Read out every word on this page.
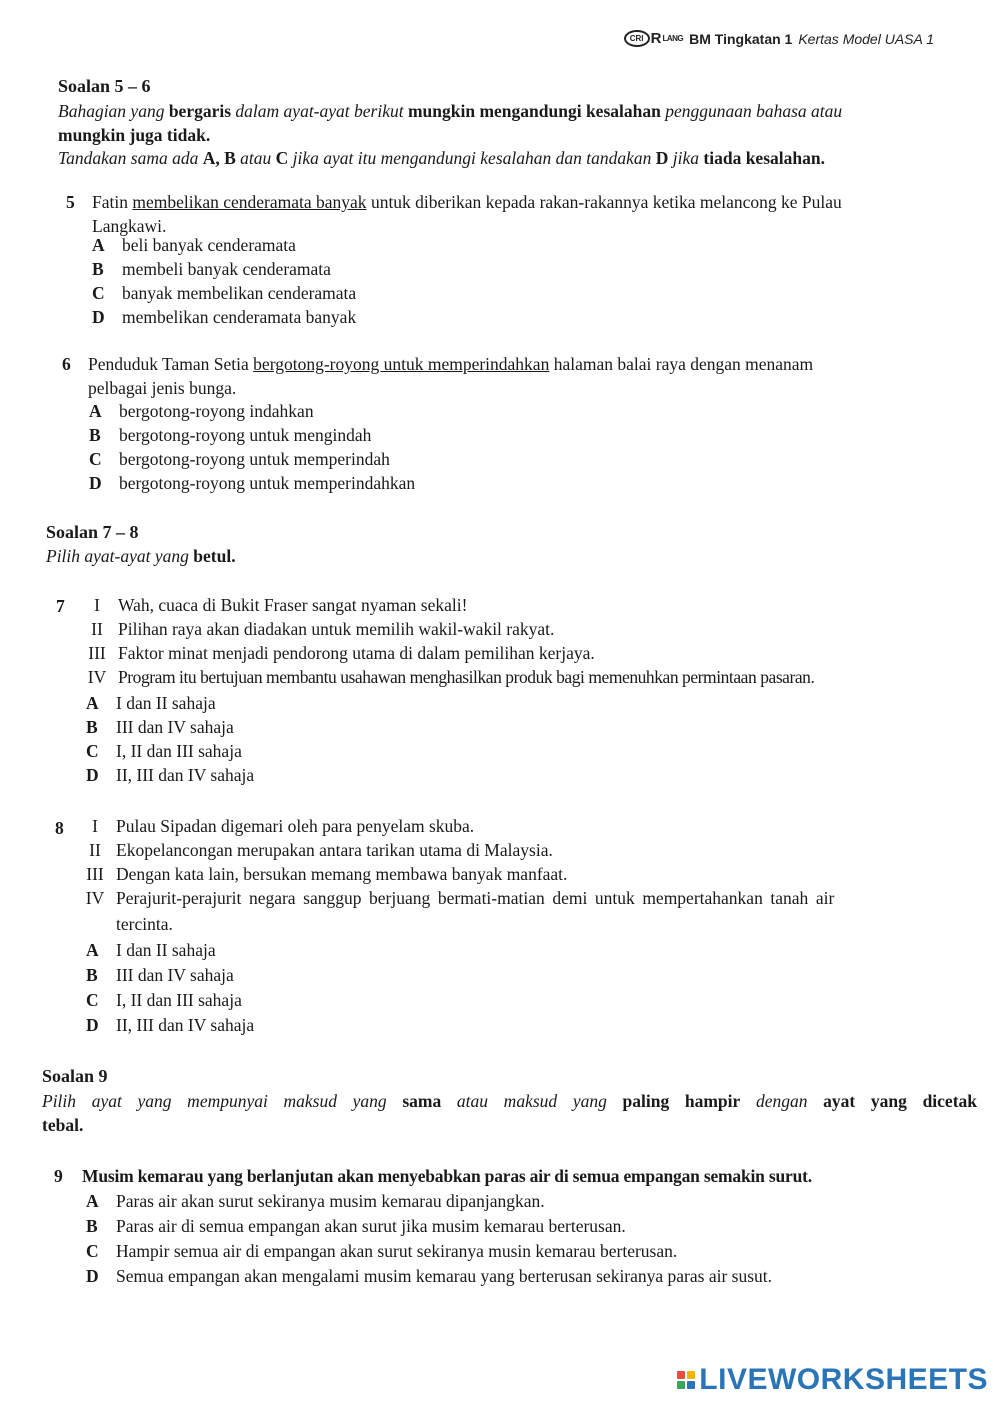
CRI R LANG BM Tingkatan 1 Kertas Model UASA 1
Soalan 5 – 6
Bahagian yang bergaris dalam ayat-ayat berikut mungkin mengandungi kesalahan penggunaan bahasa atau
mungkin juga tidak.
Tandakan sama ada A, B atau C jika ayat itu mengandungi kesalahan dan tandakan D jika tiada kesalahan.
5 Fatin membelikan cenderamata banyak untuk diberikan kepada rakan-rakannya ketika melancong ke Pulau
Langkawi.
A beli banyak cenderamata
B membeli banyak cenderamata
C banyak membelikan cenderamata
D membelikan cenderamata banyak
6 Penduduk Taman Setia bergotong-royong untuk memperindahkan halaman balai raya dengan menanam
pelbagai jenis bunga.
A bergotong-royong indahkan
B bergotong-royong untuk mengindah
C bergotong-royong untuk memperindah
D bergotong-royong untuk memperindahkan
Soalan 7 – 8
Pilih ayat-ayat yang betul.
7	I	Wah, cuaca di Bukit Fraser sangat nyaman sekali!
II Pilihan raya akan diadakan untuk memilih wakil-wakil rakyat.
III Faktor minat menjadi pendorong utama di dalam pemilihan kerjaya.
IV Program itu bertujuan membantu usahawan menghasilkan produk bagi memenuhkan permintaan pasaran.
A I dan II sahaja
B III dan IV sahaja
C I, II dan III sahaja
D II, III dan IV sahaja
8	I	Pulau Sipadan digemari oleh para penyelam skuba.
II Ekopelancongan merupakan antara tarikan utama di Malaysia.
III Dengan kata lain, bersukan memang membawa banyak manfaat.
IV Perajurit-perajurit negara sanggup berjuang bermati-matian demi untuk mempertahankan tanah air
tercinta.
A I dan II sahaja
B III dan IV sahaja
C I, II dan III sahaja
D II, III dan IV sahaja
Soalan 9
Pilih ayat yang mempunyai maksud yang sama atau maksud yang paling hampir dengan ayat yang dicetak
tebal.
9 Musim kemarau yang berlanjutan akan menyebabkan paras air di semua empangan semakin surut.
A Paras air akan surut sekiranya musim kemarau dipanjangkan.
B Paras air di semua empangan akan surut jika musim kemarau berterusan.
C Hampir semua air di empangan akan surut sekiranya musin kemarau berterusan.
D Semua empangan akan mengalami musim kemarau yang berterusan sekiranya paras air susut.
LIVEWORKSHEETS
